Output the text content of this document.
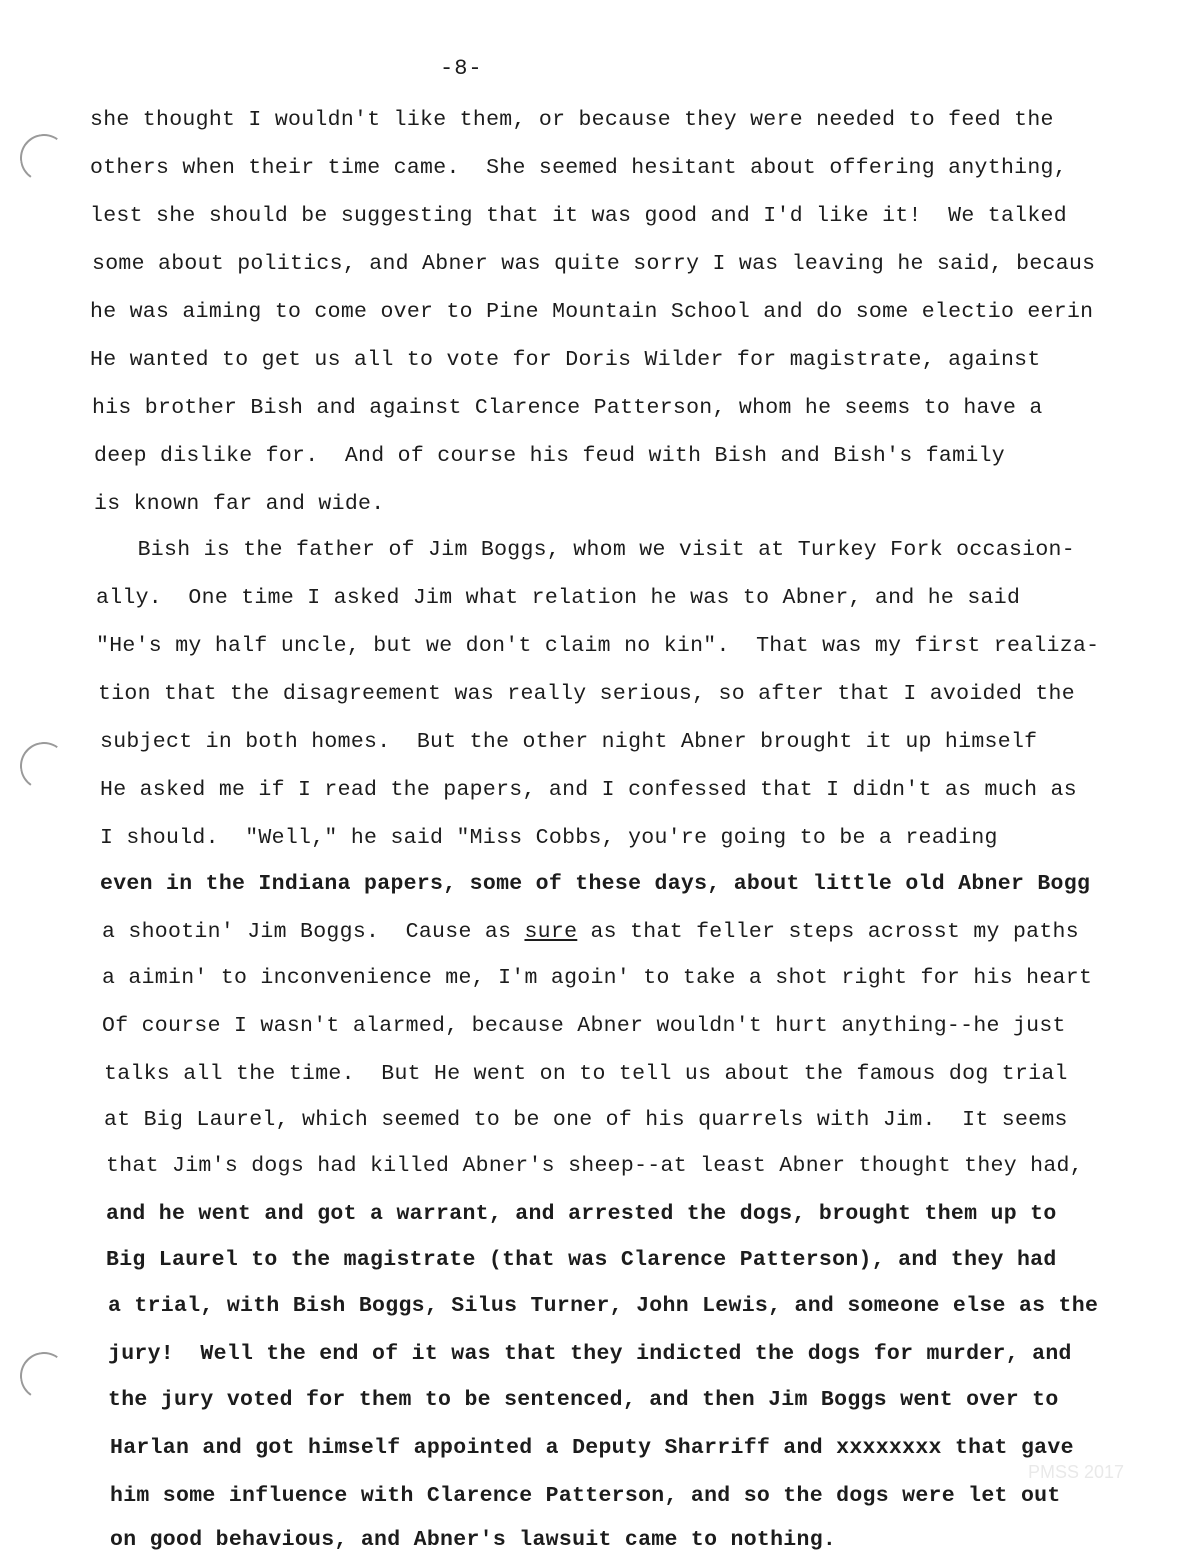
-8-
she thought I wouldn't like them, or because they were needed to feed the
others when their time came.  She seemed hesitant about offering anything,
lest she should be suggesting that it was good and I'd like it!  We talked
some about politics, and Abner was quite sorry I was leaving he said, becaus
he was aiming to come over to Pine Mountain School and do some electio eerin
He wanted to get us all to vote for Doris Wilder for magistrate, against
his brother Bish and against Clarence Patterson, whom he seems to have a
deep dislike for.  And of course his feud with Bish and Bish's family
is known far and wide.
Bish is the father of Jim Boggs, whom we visit at Turkey Fork occasion-
ally.  One time I asked Jim what relation he was to Abner, and he said
"He's my half uncle, but we don't claim no kin".  That was my first realiza-
tion that the disagreement was really serious, so after that I avoided the
subject in both homes.  But the other night Abner brought it up himself
He asked me if I read the papers, and I confessed that I didn't as much as
I should.  "Well," he said "Miss Cobbs, you're going to be a reading
even in the Indiana papers, some of these days, about little old Abner Bogg
a shootin' Jim Boggs.  Cause as sure as that feller steps acrosst my paths
a aimin' to inconvenience me, I'm agoin' to take a shot right for his heart
Of course I wasn't alarmed, because Abner wouldn't hurt anything--he just
talks all the time.  But He went on to tell us about the famous dog trial
at Big Laurel, which seemed to be one of his quarrels with Jim.  It seems
that Jim's dogs had killed Abner's sheep--at least Abner thought they had,
and he went and got a warrant, and arrested the dogs, brought them up to
Big Laurel to the magistrate (that was Clarence Patterson), and they had
a trial, with Bish Boggs, Silus Turner, John Lewis, and someone else as the
jury!  Well the end of it was that they indicted the dogs for murder, and
the jury voted for them to be sentenced, and then Jim Boggs went over to
Harlan and got himself appointed a Deputy Sharriff and xxxxxxxx that gave
him some influence with Clarence Patterson, and so the dogs were let out
on good behavious, and Abner's lawsuit came to nothing.
PMSS 2017
